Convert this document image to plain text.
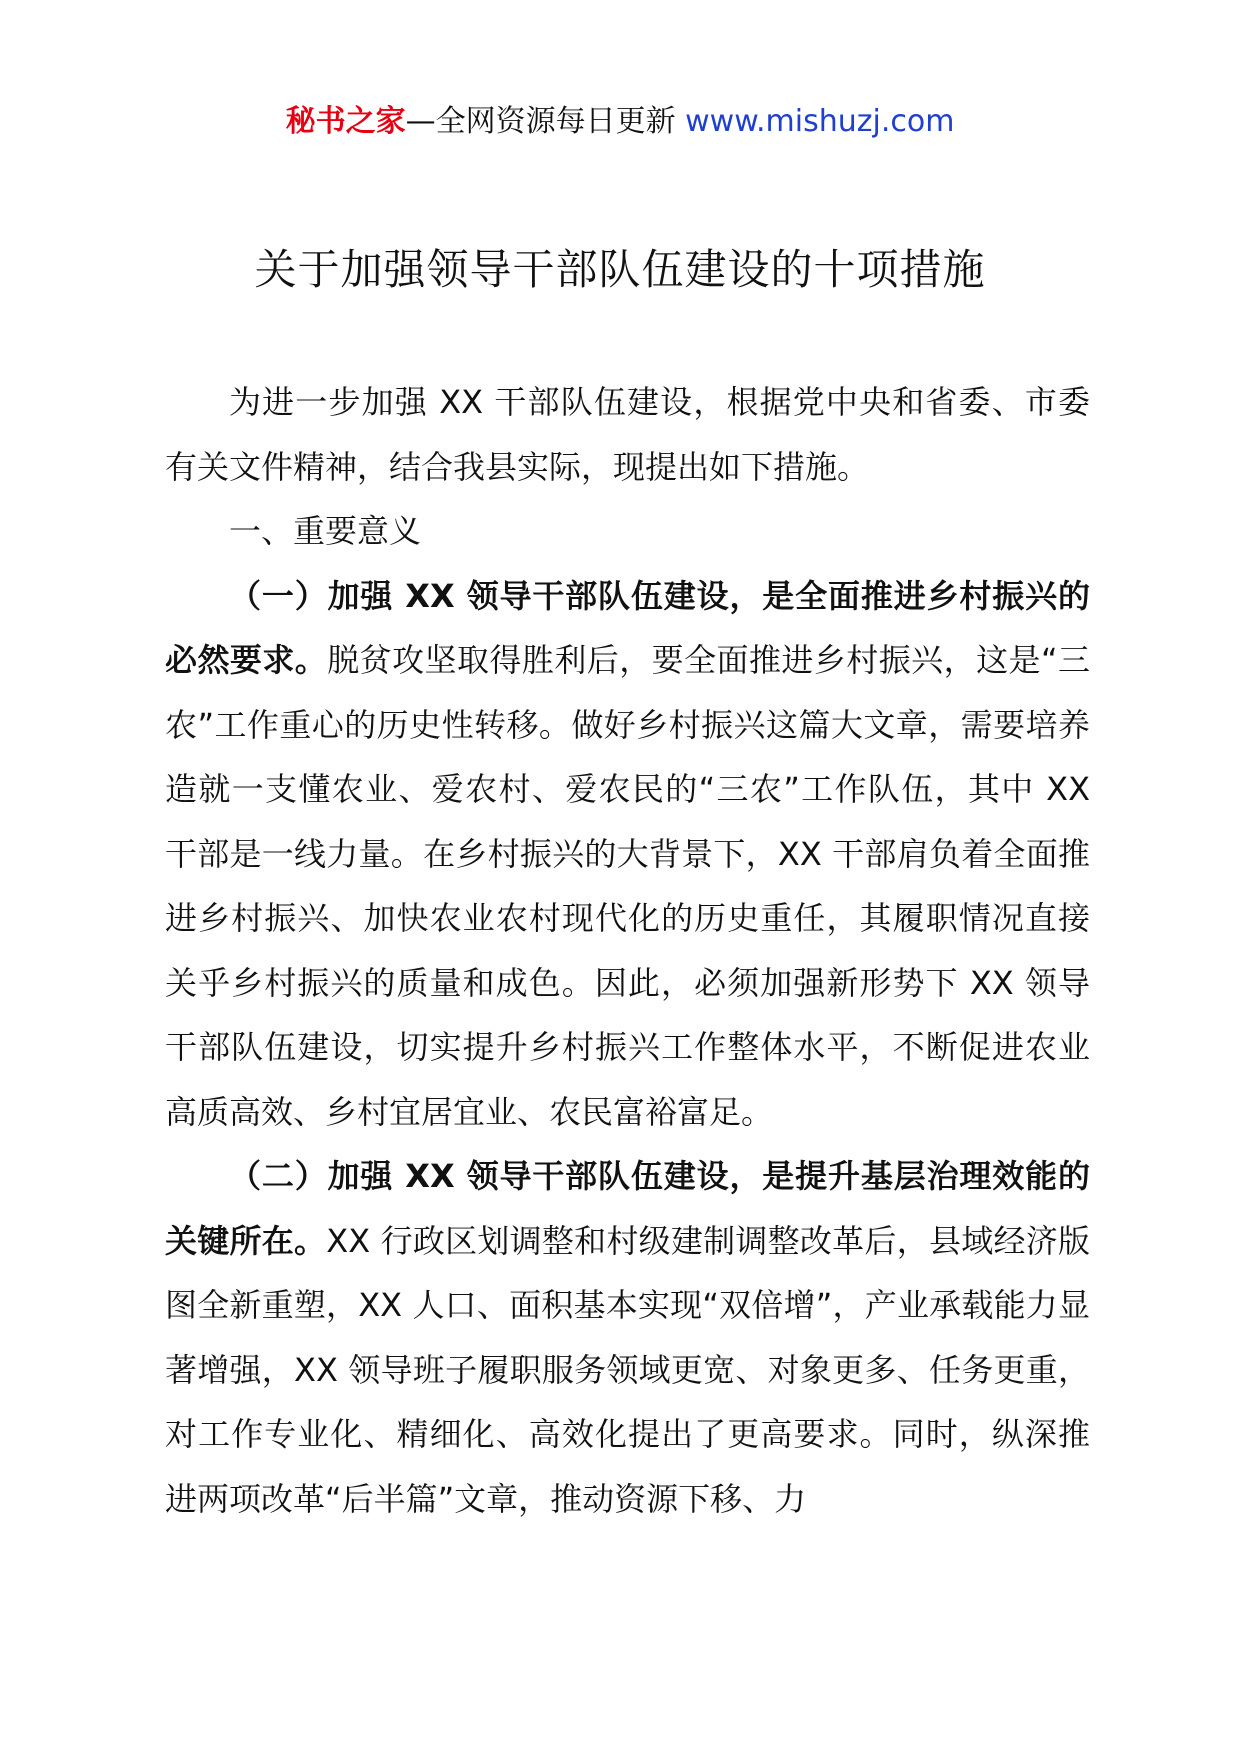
秘书之家—全网资源每日更新 www.mishuzj.com
关于加强领导干部队伍建设的十项措施

为进一步加强 XX 干部队伍建设，根据党中央和省委、市委有关文件精神，结合我县实际，现提出如下措施。

一、重要意义

（一）加强 XX 领导干部队伍建设，是全面推进乡村振兴的必然要求。脱贫攻坚取得胜利后，要全面推进乡村振兴，这是“三农”工作重心的历史性转移。做好乡村振兴这篇大文章，需要培养造就一支懂农业、爱农村、爱农民的“三农”工作队伍，其中 XX 干部是一线力量。在乡村振兴的大背景下，XX 干部肩负着全面推进乡村振兴、加快农业农村现代化的历史重任，其履职情况直接关乎乡村振兴的质量和成色。因此，必须加强新形势下 XX 领导干部队伍建设，切实提升乡村振兴工作整体水平，不断促进农业高质高效、乡村宜居宜业、农民富裕富足。

（二）加强 XX 领导干部队伍建设，是提升基层治理效能的关键所在。XX 行政区划调整和村级建制调整改革后，县域经济版图全新重塑，XX 人口、面积基本实现“双倍增”，产业承载能力显著增强，XX 领导班子履职服务领域更宽、对象更多、任务更重，对工作专业化、精细化、高效化提出了更高要求。同时，纵深推进两项改革“后半篇”文章，推动资源下移、力
